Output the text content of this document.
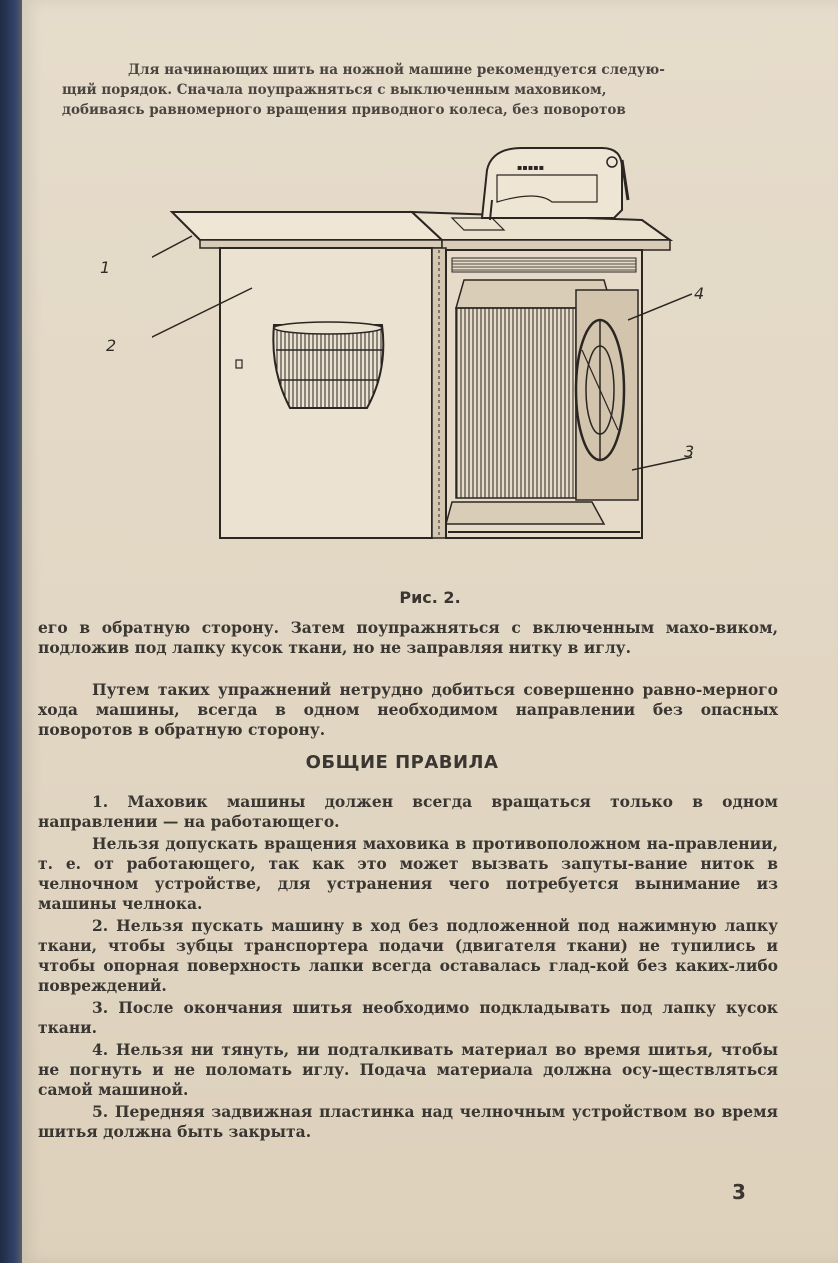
Для начинающих шить на ножной машине рекомендуется следую-
щий порядок. Сначала поупражняться с выключенным маховиком,
добиваясь равномерного вращения приводного колеса, без поворотов
▪▪▪▪▪
1
2
3
4
Рис. 2.
его в обратную сторону. Затем поупражняться с включенным махо-виком, подложив под лапку кусок ткани, но не заправляя нитку в иглу.
Путем таких упражнений нетрудно добиться совершенно равно-мерного хода машины, всегда в одном необходимом направлении без опасных поворотов в обратную сторону.
ОБЩИЕ ПРАВИЛА
1. Маховик машины должен всегда вращаться только в одном направлении — на работающего.
Нельзя допускать вращения маховика в противоположном на-правлении, т. е. от работающего, так как это может вызвать запуты-вание ниток в челночном устройстве, для устранения чего потребуется вынимание из машины челнока.
2. Нельзя пускать машину в ход без подложенной под нажимную лапку ткани, чтобы зубцы транспортера подачи (двигателя ткани) не тупились и чтобы опорная поверхность лапки всегда оставалась глад-кой без каких-либо повреждений.
3. После окончания шитья необходимо подкладывать под лапку кусок ткани.
4. Нельзя ни тянуть, ни подталкивать материал во время шитья, чтобы не погнуть и не поломать иглу. Подача материала должна осу-ществляться самой машиной.
5. Передняя задвижная пластинка над челночным устройством во время шитья должна быть закрыта.
3
